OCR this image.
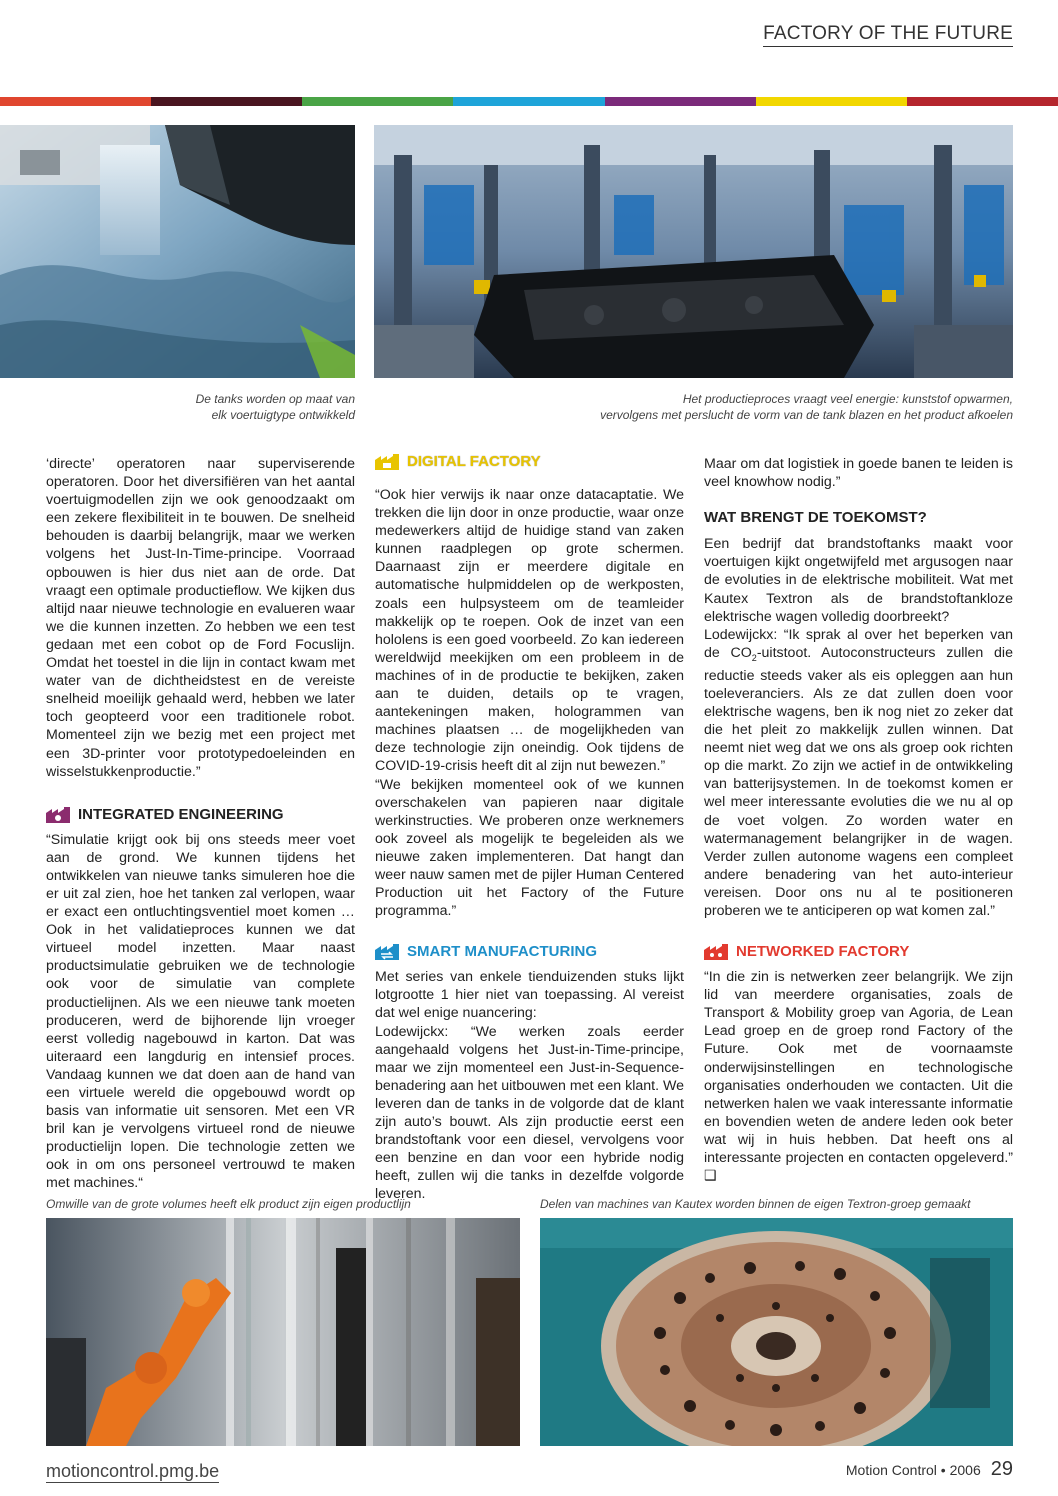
FACTORY OF THE FUTURE
De tanks worden op maat van
elk voertuigtype ontwikkeld
Het productieproces vraagt veel energie: kunststof opwarmen,
vervolgens met perslucht de vorm van de tank blazen en het product afkoelen

‘directe’ operatoren naar superviserende operatoren. Door het diversifiëren van het aantal voertuigmodellen zijn we ook genoodzaakt om een zekere flexibiliteit in te bouwen. De snelheid behouden is daarbij belangrijk, maar we werken volgens het Just-In-Time-principe. Voorraad opbouwen is hier dus niet aan de orde. Dat vraagt een optimale productieflow. We kijken dus altijd naar nieuwe technologie en evalueren waar we die kunnen inzetten. Zo hebben we een test gedaan met een cobot op de Ford Focuslijn. Omdat het toestel in die lijn in contact kwam met water van de dichtheidstest en de vereiste snelheid moeilijk gehaald werd, hebben we later toch geopteerd voor een traditionele robot. Momenteel zijn we bezig met een project met een 3D-printer voor prototypedoeleinden en wisselstukkenproductie.”

INTEGRATED ENGINEERING

“Simulatie krijgt ook bij ons steeds meer voet aan de grond. We kunnen tijdens het ontwikkelen van nieuwe tanks simuleren hoe die er uit zal zien, hoe het tanken zal verlopen, waar er exact een ontluchtingsventiel moet komen … Ook in het validatieproces kunnen we dat virtueel model inzetten. Maar naast productsimulatie gebruiken we de technologie ook voor de simulatie van complete productielijnen. Als we een nieuwe tank moeten produceren, werd de bijhorende lijn vroeger eerst volledig nagebouwd in karton. Dat was uiteraard een langdurig en intensief proces. Vandaag kunnen we dat doen aan de hand van een virtuele wereld die opgebouwd wordt op basis van informatie uit sensoren. Met een VR bril kan je vervolgens virtueel rond de nieuwe productielijn lopen. Die technologie zetten we ook in om ons personeel vertrouwd te maken met machines.“

DIGITAL FACTORY

“Ook hier verwijs ik naar onze datacaptatie. We trekken die lijn door in onze productie, waar onze medewerkers altijd de huidige stand van zaken kunnen raadplegen op grote schermen. Daarnaast zijn er meerdere digitale en automatische hulpmiddelen op de werkposten, zoals een hulpsysteem om de teamleider makkelijk op te roepen. Ook de inzet van een hololens is een goed voorbeeld. Zo kan iedereen wereldwijd meekijken om een probleem in de machines of in de productie te bekijken, zaken aan te duiden, details op te vragen, aantekeningen maken, hologrammen van machines plaatsen … de mogelijkheden van deze technologie zijn oneindig. Ook tijdens de COVID-19-crisis heeft dit al zijn nut bewezen.”

“We bekijken momenteel ook of we kunnen overschakelen van papieren naar digitale werkinstructies. We proberen onze werknemers ook zoveel als mogelijk te begeleiden als we nieuwe zaken implementeren. Dat hangt dan weer nauw samen met de pijler Human Centered Production uit het Factory of the Future programma.”

SMART MANUFACTURING

Met series van enkele tienduizenden stuks lijkt lotgrootte 1 hier niet van toepassing. Al vereist dat wel enige nuancering:

Lodewijckx: “We werken zoals eerder aangehaald volgens het Just-in-Time-principe, maar we zijn momenteel een Just-in-Sequence-benadering aan het uitbouwen met een klant. We leveren dan de tanks in de volgorde dat de klant zijn auto’s bouwt. Als zijn productie eerst een brandstoftank voor een diesel, vervolgens voor een benzine en dan voor een hybride nodig heeft, zullen wij die tanks in dezelfde volgorde leveren.

Maar om dat logistiek in goede banen te leiden is veel knowhow nodig.”

WAT BRENGT DE TOEKOMST?

Een bedrijf dat brandstoftanks maakt voor voertuigen kijkt ongetwijfeld met argusogen naar de evoluties in de elektrische mobiliteit. Wat met Kautex Textron als de brandstoftankloze elektrische wagen volledig doorbreekt?

Lodewijckx: “Ik sprak al over het beperken van de $CO_2$-uitstoot. Autoconstructeurs zullen die reductie steeds vaker als eis opleggen aan hun toeleveranciers. Als ze dat zullen doen voor elektrische wagens, ben ik nog niet zo zeker dat die het pleit zo makkelijk zullen winnen. Dat neemt niet weg dat we ons als groep ook richten op die markt. Zo zijn we actief in de ontwikkeling van batterijsystemen. In de toekomst komen er wel meer interessante evoluties die we nu al op de voet volgen. Zo worden water en watermanagement belangrijker in de wagen. Verder zullen autonome wagens een compleet andere benadering van het auto-interieur vereisen. Door ons nu al te positioneren proberen we te anticiperen op wat komen zal.”

NETWORKED FACTORY

“In die zin is netwerken zeer belangrijk. We zijn lid van meerdere organisaties, zoals de Transport & Mobility groep van Agoria, de Lean Lead groep en de groep rond Factory of the Future. Ook met de voornaamste onderwijsinstellingen en technologische organisaties onderhouden we contacten. Uit die netwerken halen we vaak interessante informatie en bovendien weten de andere leden ook beter wat wij in huis hebben. Dat heeft ons al interessante projecten en contacten opgeleverd.” ❑

Omwille van de grote volumes heeft elk product zijn eigen productlijn	Delen van machines van Kautex worden binnen de eigen Textron-groep gemaakt
motioncontrol.pmg.be	Motion Control • 2006 29
